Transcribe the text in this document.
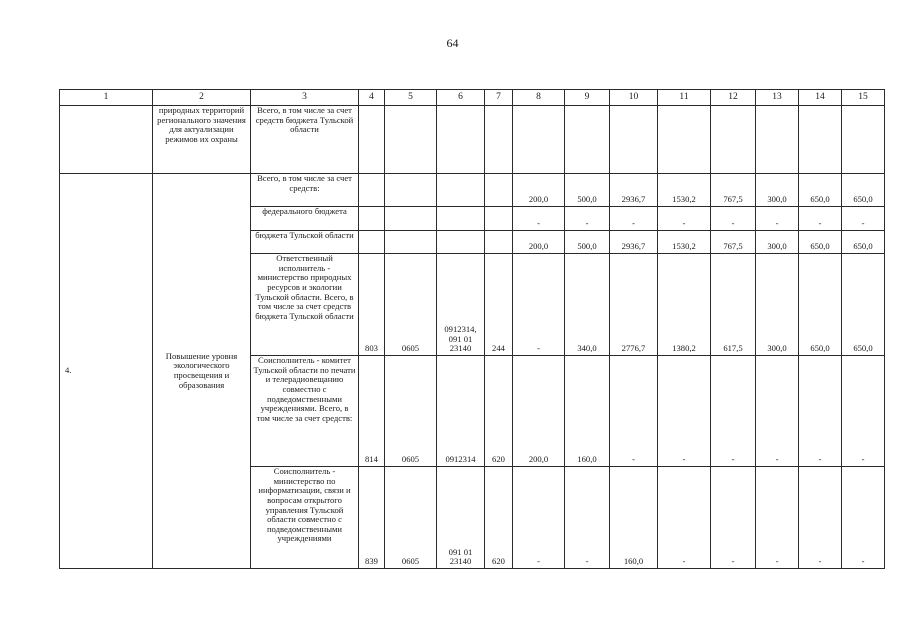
64
1	2	3	4	5	6	7	8	9	10	11	12	13	14	15
	природных территорий регионального значения для актуализации режимов их охраны	Всего, в том числе за счет средств бюджета Тульской области												
4.	Повышение уровня экологического просвещения и образования	Всего, в том числе за счет средств:					200,0	500,0	2936,7	1530,2	767,5	300,0	650,0	650,0
		федерального бюджета					-	-	-	-	-	-	-	-
		бюджета Тульской области					200,0	500,0	2936,7	1530,2	767,5	300,0	650,0	650,0
		Ответственный исполнитель - министерство природных ресурсов и экологии Тульской области. Всего, в том числе за счет средств бюджета Тульской области	803	0605	0912314, 091 01 23140	244	-	340,0	2776,7	1380,2	617,5	300,0	650,0	650,0
		Соисполнитель - комитет Тульской области по печати и телерадиовещанию совместно с подведомственными учреждениями. Всего, в том числе за счет средств:	814	0605	0912314	620	200,0	160,0	-	-	-	-	-	-
		Соисполнитель - министерство по информатизации, связи и вопросам открытого управления Тульской области совместно с подведомственными учреждениями	839	0605	091 01 23140	620	-	-	160,0	-	-	-	-	-
